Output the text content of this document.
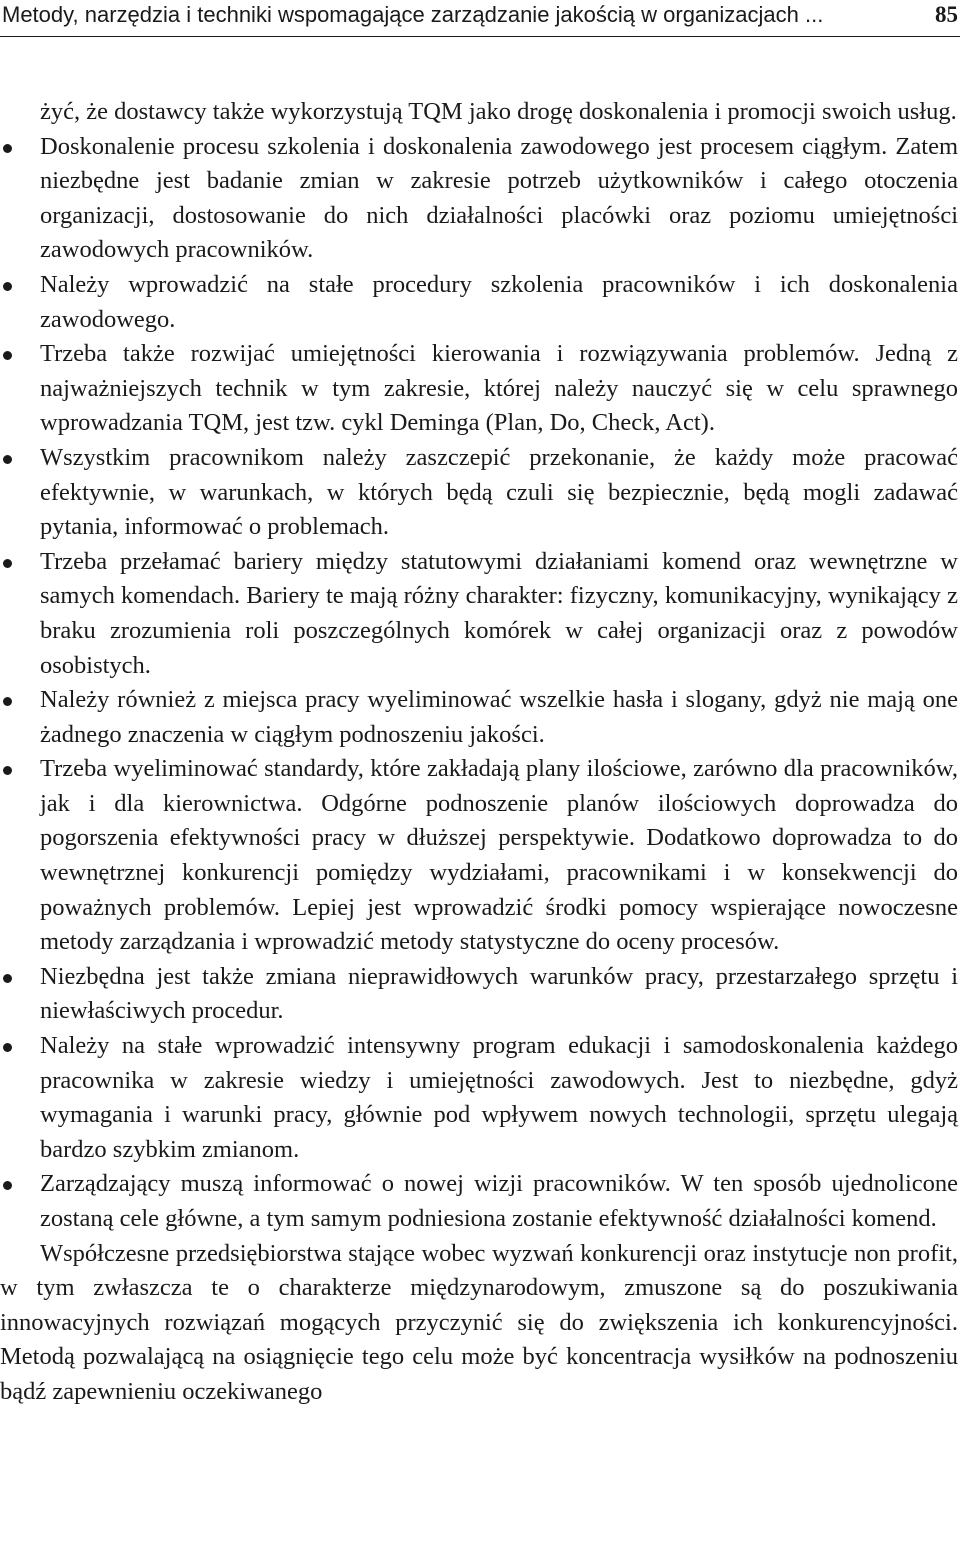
Metody, narzędzia i techniki wspomagające zarządzanie jakością w organizacjach ...	85
żyć, że dostawcy także wykorzystują TQM jako drogę doskonalenia i promocji swoich usług.
Doskonalenie procesu szkolenia i doskonalenia zawodowego jest procesem ciągłym. Zatem niezbędne jest badanie zmian w zakresie potrzeb użytkowników i całego otoczenia organizacji, dostosowanie do nich działalności placówki oraz poziomu umiejętności zawodowych pracowników.
Należy wprowadzić na stałe procedury szkolenia pracowników i ich doskonalenia zawodowego.
Trzeba także rozwijać umiejętności kierowania i rozwiązywania problemów. Jedną z najważniejszych technik w tym zakresie, której należy nauczyć się w celu sprawnego wprowadzania TQM, jest tzw. cykl Deminga (Plan, Do, Check, Act).
Wszystkim pracownikom należy zaszczepić przekonanie, że każdy może pracować efektywnie, w warunkach, w których będą czuli się bezpiecznie, będą mogli zadawać pytania, informować o problemach.
Trzeba przełamać bariery między statutowymi działaniami komend oraz wewnętrzne w samych komendach. Bariery te mają różny charakter: fizyczny, komunikacyjny, wynikający z braku zrozumienia roli poszczególnych komórek w całej organizacji oraz z powodów osobistych.
Należy również z miejsca pracy wyeliminować wszelkie hasła i slogany, gdyż nie mają one żadnego znaczenia w ciągłym podnoszeniu jakości.
Trzeba wyeliminować standardy, które zakładają plany ilościowe, zarówno dla pracowników, jak i dla kierownictwa. Odgórne podnoszenie planów ilościowych doprowadza do pogorszenia efektywności pracy w dłuższej perspektywie. Dodatkowo doprowadza to do wewnętrznej konkurencji pomiędzy wydziałami, pracownikami i w konsekwencji do poważnych problemów. Lepiej jest wprowadzić środki pomocy wspierające nowoczesne metody zarządzania i wprowadzić metody statystyczne do oceny procesów.
Niezbędna jest także zmiana nieprawidłowych warunków pracy, przestarzałego sprzętu i niewłaściwych procedur.
Należy na stałe wprowadzić intensywny program edukacji i samodoskonalenia każdego pracownika w zakresie wiedzy i umiejętności zawodowych. Jest to niezbędne, gdyż wymagania i warunki pracy, głównie pod wpływem nowych technologii, sprzętu ulegają bardzo szybkim zmianom.
Zarządzający muszą informować o nowej wizji pracowników. W ten sposób ujednolicone zostaną cele główne, a tym samym podniesiona zostanie efektywność działalności komend.

Współczesne przedsiębiorstwa stające wobec wyzwań konkurencji oraz instytucje non profit, w tym zwłaszcza te o charakterze międzynarodowym, zmuszone są do poszukiwania innowacyjnych rozwiązań mogących przyczynić się do zwiększenia ich konkurencyjności. Metodą pozwalającą na osiągnięcie tego celu może być koncentracja wysiłków na podnoszeniu bądź zapewnieniu oczekiwanego
